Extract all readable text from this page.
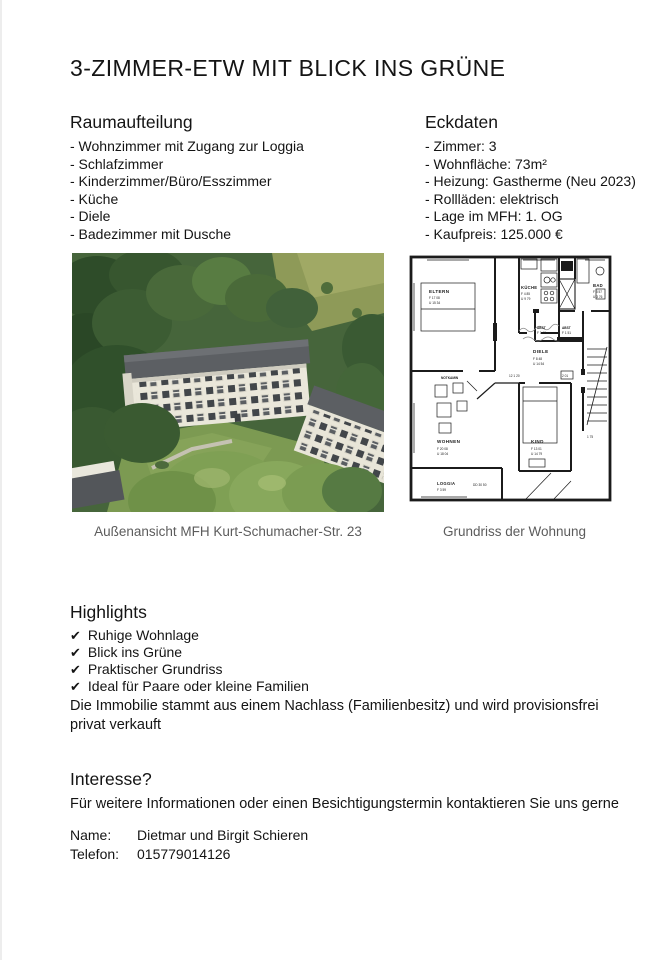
3-ZIMMER-ETW MIT BLICK INS GRÜNE
Raumaufteilung
- Wohnzimmer mit Zugang zur Loggia
- Schlafzimmer
- Kinderzimmer/Büro/Esszimmer
- Küche
- Diele
- Badezimmer mit Dusche
Eckdaten
- Zimmer: 3
- Wohnfläche: 73m²
- Heizung: Gastherme (Neu 2023)
- Rollläden: elektrisch
- Lage im MFH: 1. OG
- Kaufpreis: 125.000 €
ELTERN
F 17 08
U 15 34
KÜCHE
F 4 85
U 9 79
BAD
F 3 57
U 3 76
ABST
F 1 40
ABST
F 1 51
DIELE
F 8 48
U 14 54
NOTKAMIN
WOHNEN
F 20 08
U 18 04
KIND
F 13 01
U 14 79
LOGGIA
F 3 59
12 1 20	2 01
DD 30 50
1 75
Außenansicht MFH Kurt-Schumacher-Str. 23	Grundriss der Wohnung
Highlights
✔ Ruhige Wohnlage
✔ Blick ins Grüne
✔ Praktischer Grundriss
✔ Ideal für Paare oder kleine Familien

Die Immobilie stammt aus einem Nachlass (Familienbesitz) und wird provisionsfrei privat verkauft

Interesse?

Für weitere Informationen oder einen Besichtigungstermin kontaktieren Sie uns gerne

Name:	Dietmar und Birgit Schieren
Telefon:	015779014126
